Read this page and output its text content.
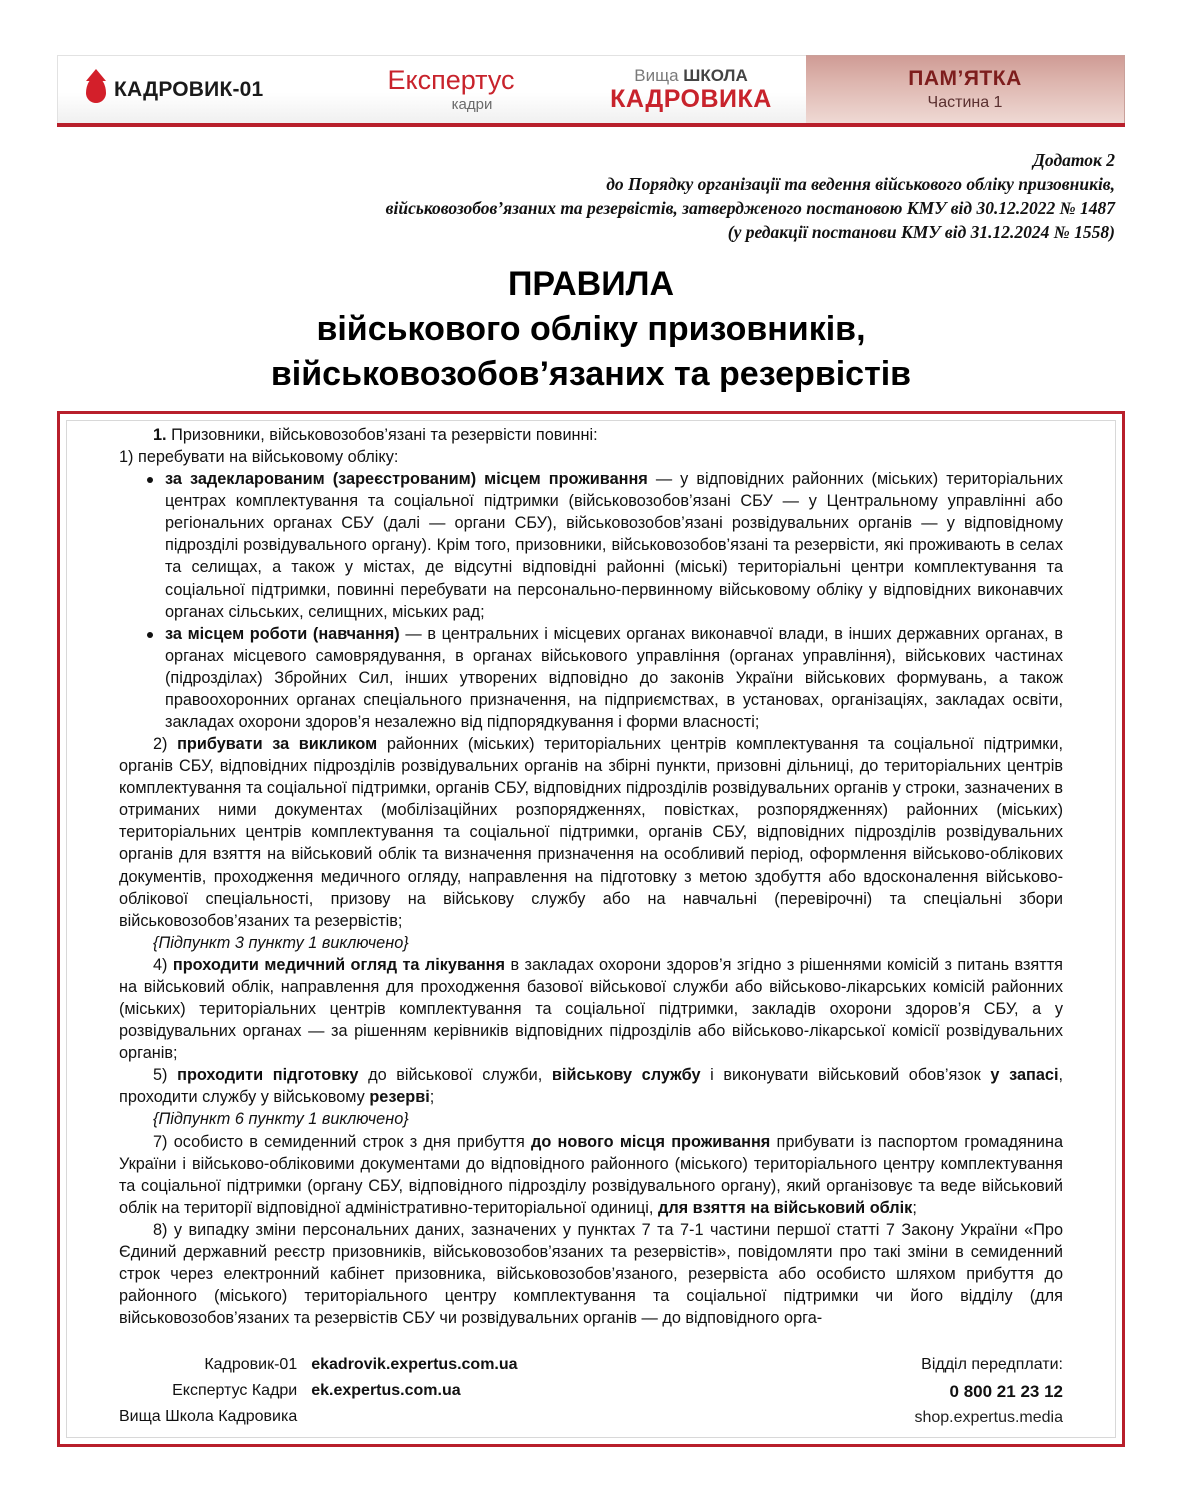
КАДРОВИК-01	Експертус
кадри
Вища ШКОЛА
КАДРОВИКА
ПАМ’ЯТКА
Частина 1
Додаток 2
до Порядку організації та ведення військового обліку призовників,
військовозобов’язаних та резервістів, затвердженого постановою КМУ від 30.12.2022 № 1487
(у редакції постанови КМУ від 31.12.2024 № 1558)
ПРАВИЛА
військового обліку призовників,
військовозобов’язаних та резервістів

1. Призовники, військовозобов’язані та резервісти повинні:

1) перебувати на військовому обліку:

за задекларованим (зареєстрованим) місцем проживання — у відповідних районних (міських) територіальних центрах комплектування та соціальної підтримки (військовозобов’язані СБУ — у Центральному управлінні або регіональних органах СБУ (далі — органи СБУ), військовозобов’язані розвідувальних органів — у відповідному підрозділі розвідувального органу). Крім того, призовники, військовозобов’язані та резервісти, які проживають в селах та селищах, а також у містах, де відсутні відповідні районні (міські) територіальні центри комплектування та соціальної підтримки, повинні перебувати на персонально-первинному військовому обліку у відповідних виконавчих органах сільських, селищних, міських рад;
за місцем роботи (навчання) — в центральних і місцевих органах виконавчої влади, в інших державних органах, в органах місцевого самоврядування, в органах військового управління (органах управління), військових частинах (підрозділах) Збройних Сил, інших утворених відповідно до законів України військових формувань, а також правоохоронних органах спеціального призначення, на підприємствах, в установах, організаціях, закладах освіти, закладах охорони здоров’я незалежно від підпорядкування і форми власності;

2) прибувати за викликом районних (міських) територіальних центрів комплектування та соціальної підтримки, органів СБУ, відповідних підрозділів розвідувальних органів на збірні пункти, призовні дільниці, до територіальних центрів комплектування та соціальної підтримки, органів СБУ, відповідних підрозділів розвідувальних органів у строки, зазначених в отриманих ними документах (мобілізаційних розпорядженнях, повістках, розпорядженнях) районних (міських) територіальних центрів комплектування та соціальної підтримки, органів СБУ, відповідних підрозділів розвідувальних органів для взяття на військовий облік та визначення призначення на особливий період, оформлення військово-облікових документів, проходження медичного огляду, направлення на підготовку з метою здобуття або вдосконалення військово-облікової спеціальності, призову на військову службу або на навчальні (перевірочні) та спеціальні збори військовозобов’язаних та резервістів;

{Підпункт 3 пункту 1 виключено}

4) проходити медичний огляд та лікування в закладах охорони здоров’я згідно з рішеннями комісій з питань взяття на військовий облік, направлення для проходження базової військової служби або військово-лікарських комісій районних (міських) територіальних центрів комплектування та соціальної підтримки, закладів охорони здоров’я СБУ, а у розвідувальних органах — за рішенням керівників відповідних підрозділів або військово-лікарської комісії розвідувальних органів;

5) проходити підготовку до військової служби, військову службу і виконувати військовий обов’язок у запасі, проходити службу у військовому резерві;

{Підпункт 6 пункту 1 виключено}

7) особисто в семиденний строк з дня прибуття до нового місця проживання прибувати із паспортом громадянина України і військово-обліковими документами до відповідного районного (міського) територіального центру комплектування та соціальної підтримки (органу СБУ, відповідного підрозділу розвідувального органу), який організовує та веде військовий облік на території відповідної адміністративно-територіальної одиниці, для взяття на військовий облік;

8) у випадку зміни персональних даних, зазначених у пунктах 7 та 7-1 частини першої статті 7 Закону України «Про Єдиний державний реєстр призовників, військовозобов’язаних та резервістів», повідомляти про такі зміни в семиденний строк через електронний кабінет призовника, військовозобов’язаного, резервіста або особисто шляхом прибуття до районного (міського) територіального центру комплектування та соціальної підтримки чи його відділу (для військовозобов’язаних та резервістів СБУ чи розвідувальних органів — до відповідного орга-

Кадровик-01
Експертус Кадри
Вища Школа Кадровика
ekadrovik.expertus.com.ua
ek.expertus.com.ua
Відділ передплати:
0 800 21 23 12
shop.expertus.media
